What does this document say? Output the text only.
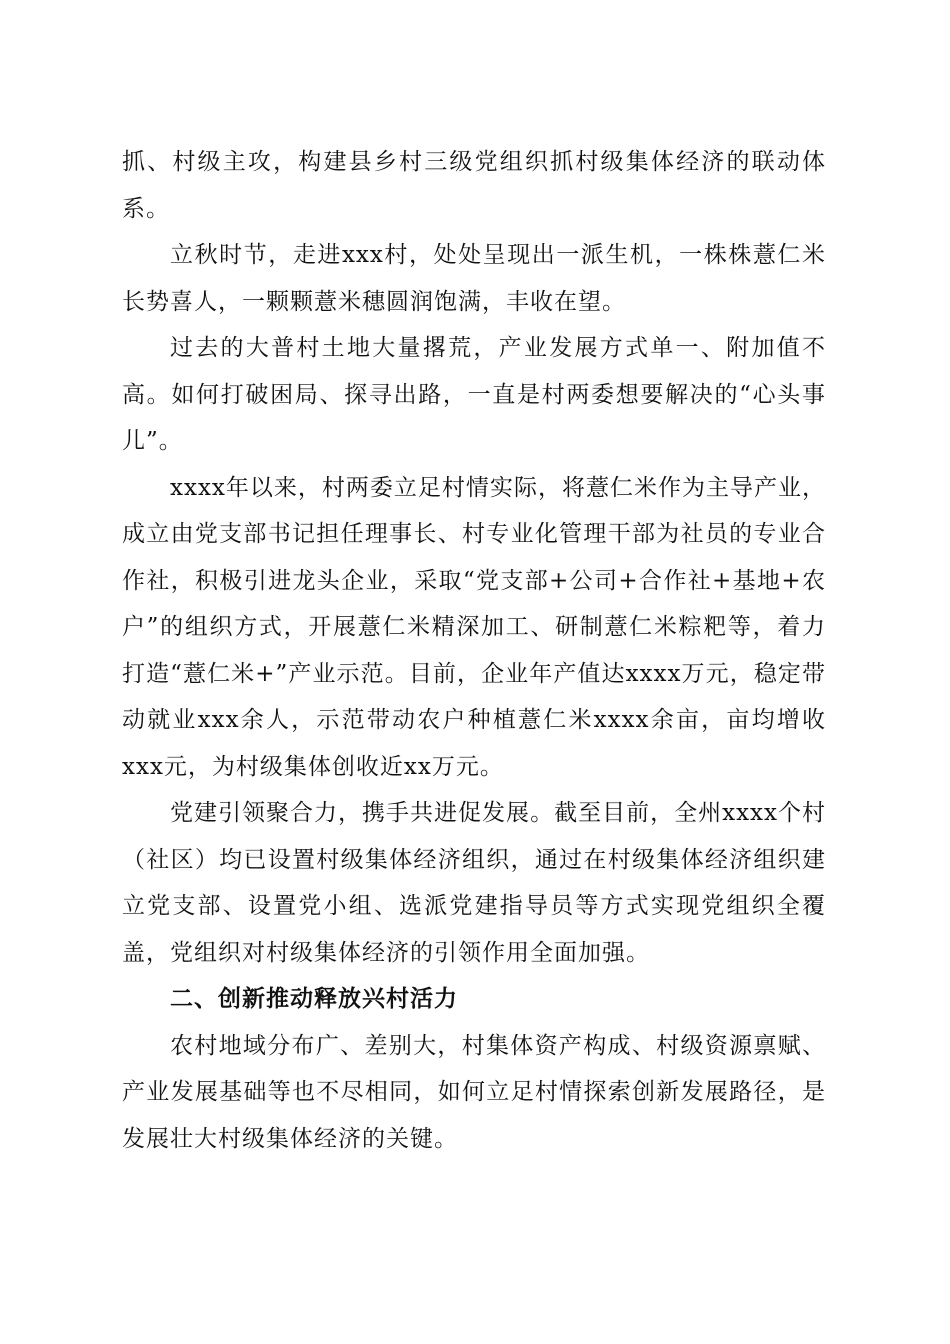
抓、村级主攻，构建县乡村三级党组织抓村级集体经济的联动体系。

立秋时节，走进xxx村，处处呈现出一派生机，一株株薏仁米长势喜人，一颗颗薏米穗圆润饱满，丰收在望。

过去的大普村土地大量撂荒，产业发展方式单一、附加值不高。如何打破困局、探寻出路，一直是村两委想要解决的“心头事儿”。

xxxx年以来，村两委立足村情实际，将薏仁米作为主导产业，成立由党支部书记担任理事长、村专业化管理干部为社员的专业合作社，积极引进龙头企业，采取“党支部+公司+合作社+基地+农户”的组织方式，开展薏仁米精深加工、研制薏仁米粽粑等，着力打造“薏仁米+”产业示范。目前，企业年产值达xxxx万元，稳定带动就业xxx余人，示范带动农户种植薏仁米xxxx余亩，亩均增收xxx元，为村级集体创收近xx万元。

党建引领聚合力，携手共进促发展。截至目前，全州xxxx个村（社区）均已设置村级集体经济组织，通过在村级集体经济组织建立党支部、设置党小组、选派党建指导员等方式实现党组织全覆盖，党组织对村级集体经济的引领作用全面加强。

二、创新推动释放兴村活力

农村地域分布广、差别大，村集体资产构成、村级资源禀赋、产业发展基础等也不尽相同，如何立足村情探索创新发展路径，是发展壮大村级集体经济的关键。
